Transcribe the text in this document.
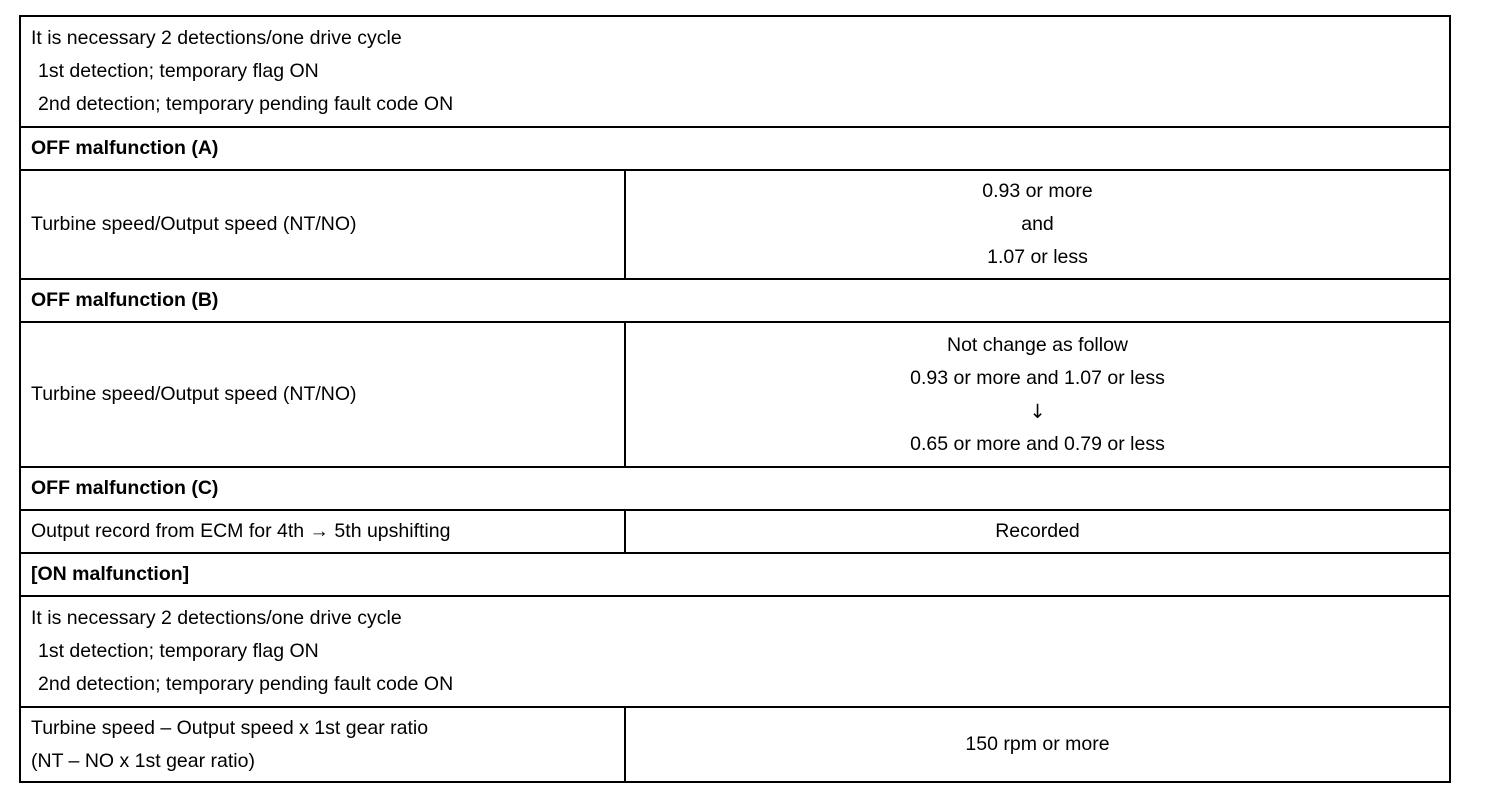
It is necessary 2 detections/one drive cycle
1st detection; temporary flag ON
2nd detection; temporary pending fault code ON	

OFF malfunction (A)	
Turbine speed/Output speed (NT/NO)	0.93 or more
and
1.07 or less

OFF malfunction (B)	
Turbine speed/Output speed (NT/NO)	Not change as follow
0.93 or more and 1.07 or less
↓
0.65 or more and 0.79 or less

OFF malfunction (C)	
Output record from ECM for 4th → 5th upshifting	Recorded
[ON malfunction]	

It is necessary 2 detections/one drive cycle
1st detection; temporary flag ON
2nd detection; temporary pending fault code ON	

Turbine speed – Output speed x 1st gear ratio
(NT – NO x 1st gear ratio)	150 rpm or more
